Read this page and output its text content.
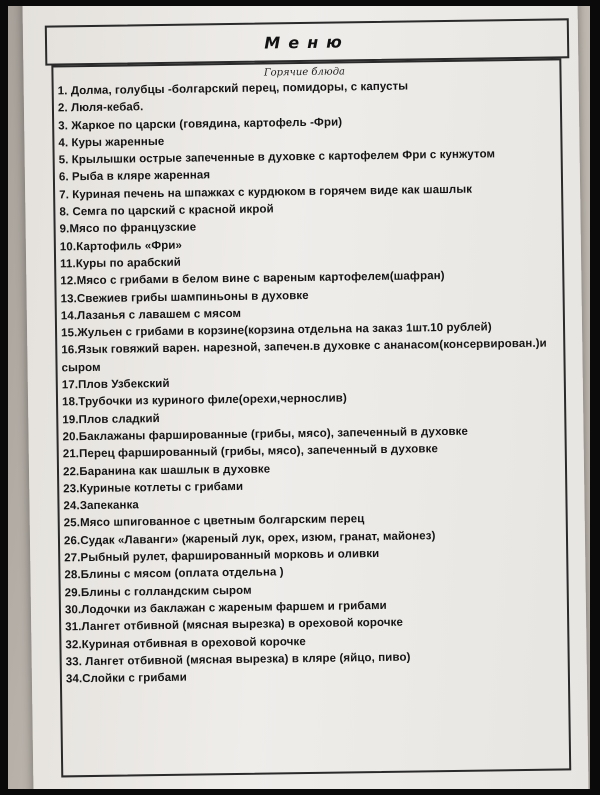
Меню
Горячие блюда
1. Долма, голубцы -болгарский перец, помидоры, с капусты
2. Люля-кебаб.
3. Жаркое по царски (говядина, картофель -Фри)
4. Куры жаренные
5. Крылышки острые запеченные в духовке с картофелем Фри с кунжутом
6. Рыба в кляре жаренная
7. Куриная печень на шпажках с курдюком в горячем виде как шашлык
8. Семга по царский с красной икрой
9.Мясо по французские
10.Картофиль «Фри»
11.Куры по арабский
12.Мясо с грибами в белом вине с вареным картофелем(шафран)
13.Свежиев грибы шампиньоны в духовке
14.Лазанья с лавашем с мясом
15.Жульен с грибами в корзине(корзина отдельна на заказ 1шт.10 рублей)
16.Язык говяжий варен. нарезной, запечен.в духовке с ананасом(консервирован.)и сыром
17.Плов Узбекский
18.Трубочки из куриного филе(орехи,чернослив)
19.Плов сладкий
20.Баклажаны фаршированные (грибы, мясо), запеченный в духовке
21.Перец фаршированный (грибы, мясо), запеченный в духовке
22.Баранина как шашлык в духовке
23.Куриные котлеты с грибами
24.Запеканка
25.Мясо шпигованное с цветным болгарским перец
26.Судак «Лаванги» (жареный лук, орех, изюм, гранат, майонез)
27.Рыбный рулет, фаршированный морковь и оливки
28.Блины с мясом (оплата отдельна )
29.Блины с голландским сыром
30.Лодочки из баклажан с жареным фаршем и грибами
31.Лангет отбивной (мясная вырезка) в ореховой корочке
32.Куриная отбивная в ореховой корочке
33. Лангет отбивной (мясная вырезка) в кляре (яйцо, пиво)
34.Слойки с грибами
